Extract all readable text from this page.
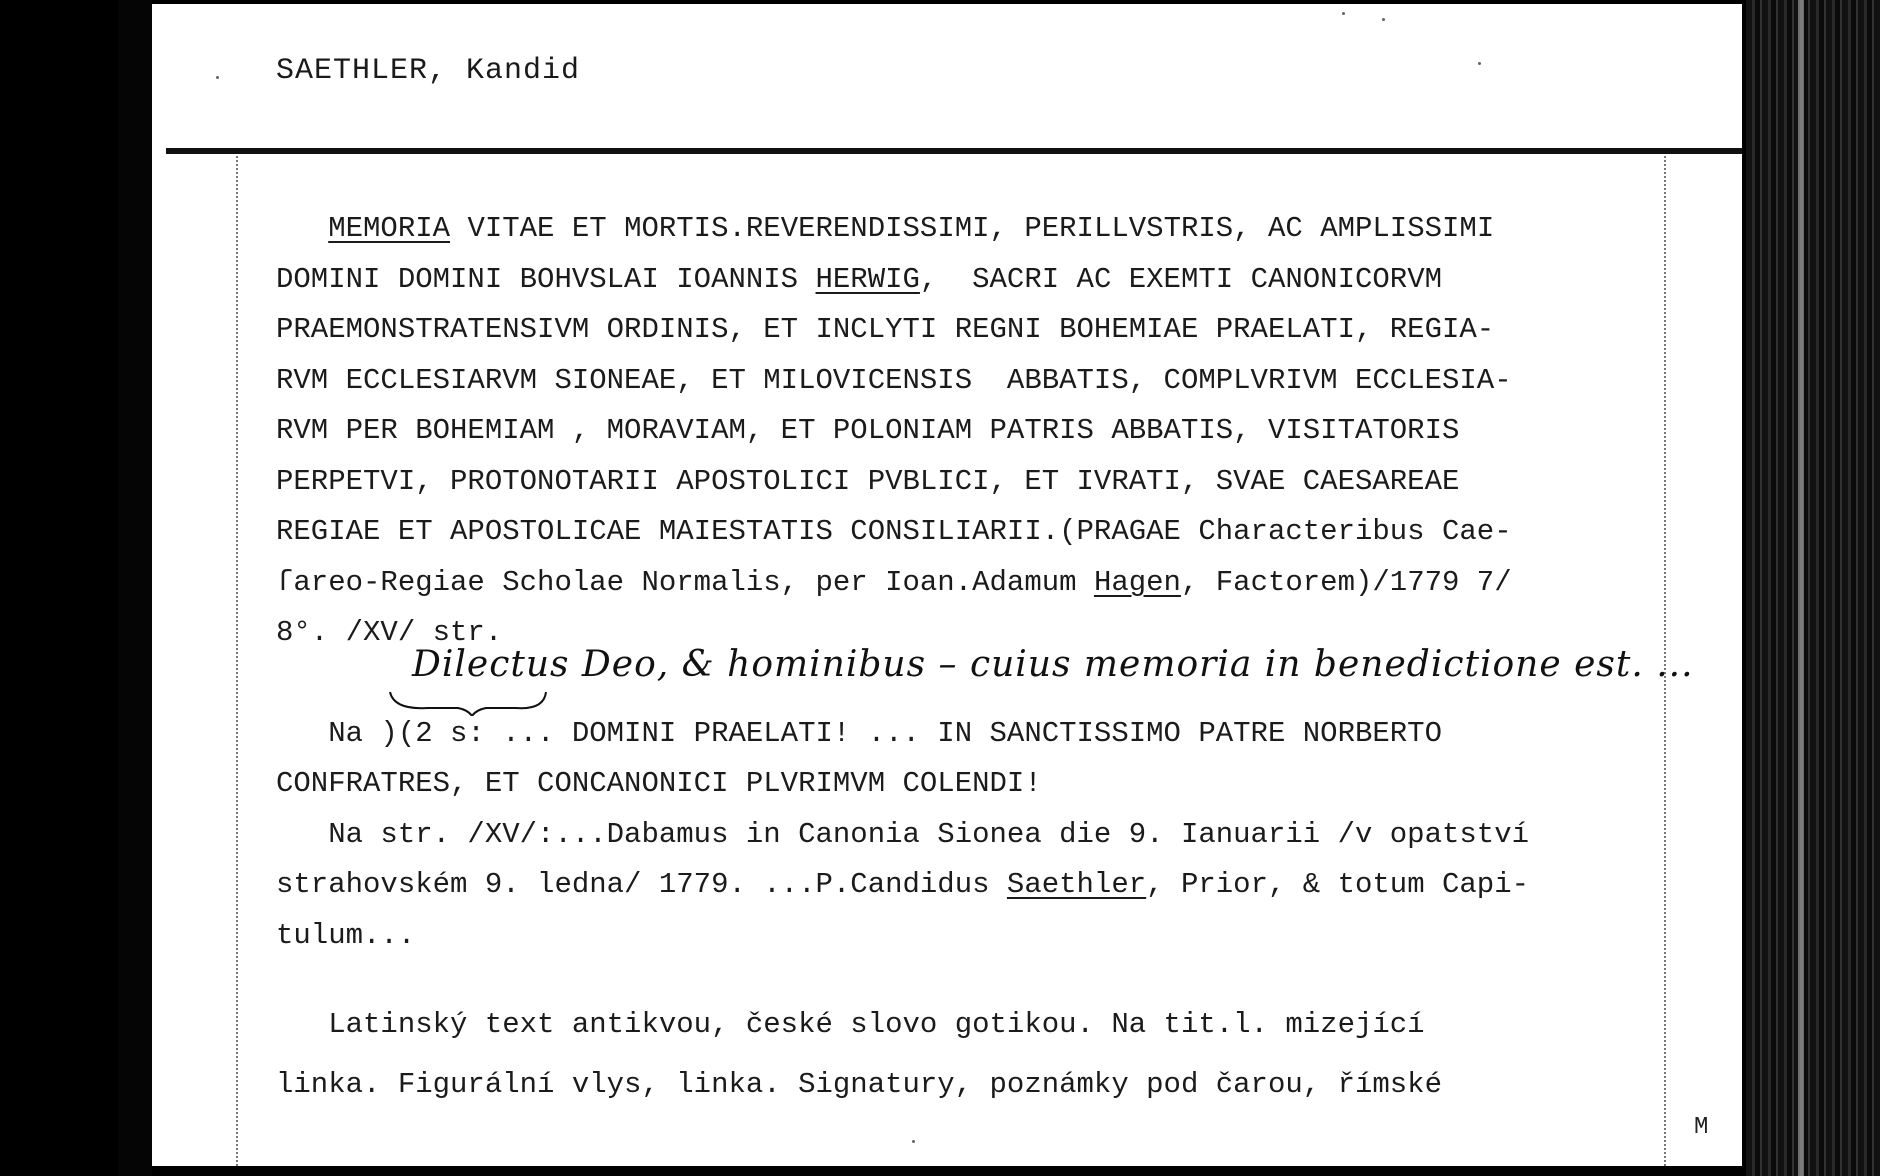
SAETHLER, Kandid
MEMORIA VITAE ET MORTIS.REVERENDISSIMI, PERILLVSTRIS, AC AMPLISSIMI
DOMINI DOMINI BOHVSLAI IOANNIS HERWIG,  SACRI AC EXEMTI CANONICORVM
PRAEMONSTRATENSIVM ORDINIS, ET INCLYTI REGNI BOHEMIAE PRAELATI, REGIA-
RVM ECCLESIARVM SIONEAE, ET MILOVICENSIS  ABBATIS, COMPLVRIVM ECCLESIA-
RVM PER BOHEMIAM , MORAVIAM, ET POLONIAM PATRIS ABBATIS, VISITATORIS
PERPETVI, PROTONOTARII APOSTOLICI PVBLICI, ET IVRATI, SVAE CAESAREAE
REGIAE ET APOSTOLICAE MAIESTATIS CONSILIARII.(PRAGAE Characteribus Cae-
ſareo-Regiae Scholae Normalis, per Ioan.Adamum Hagen, Factorem)/1779 7/
8°. /XV/ str.
Na )(2 s: ... DOMINI PRAELATI! ... IN SANCTISSIMO PATRE NORBERTO
CONFRATRES, ET CONCANONICI PLVRIMVM COLENDI!
Na str. /XV/:...Dabamus in Canonia Sionea die 9. Ianuarii /v opatství
strahovském 9. ledna/ 1779. ...P.Candidus Saethler, Prior, & totum Capi-
tulum...
Latinský text antikvou, české slovo gotikou. Na tit.l. mizející
linka. Figurální vlys, linka. Signatury, poznámky pod čarou, římské
Dilectus Deo, & hominibus – cuius memoria in benedictione est. ...
M
